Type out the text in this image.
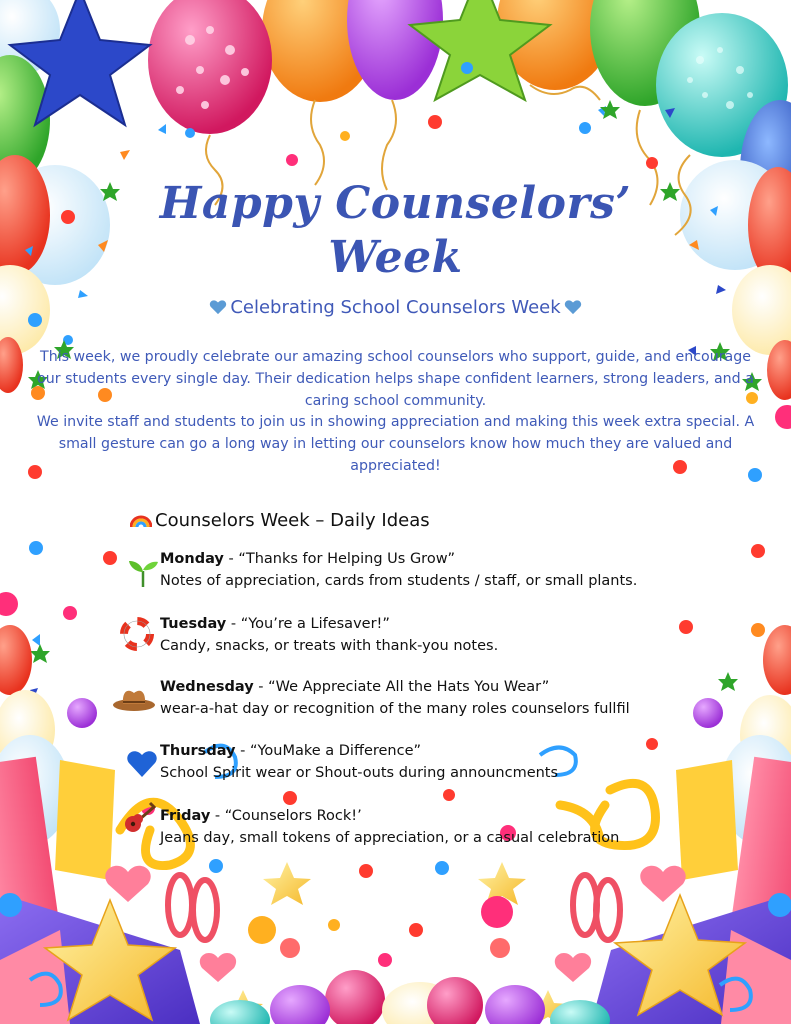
Happy Counselors’
Week
Celebrating School Counselors Week

This week, we proudly celebrate our amazing school counselors who support, guide, and encourage our students every single day. Their dedication helps shape confident learners, strong leaders, and a caring school community.
We invite staff and students to join us in showing appreciation and making this week extra special. A small gesture can go a long way in letting our counselors know how much they are valued and appreciated!

Counselors Week – Daily Ideas
Monday - “Thanks for Helping Us Grow”
Notes of appreciation, cards from students / staff, or small plants.
Tuesday - “You’re a Lifesaver!”
Candy, snacks, or treats with thank-you notes.
Wednesday - “We Appreciate All the Hats You Wear”
wear-a-hat day or recognition of the many roles counselors fullfil
Thursday - “YouMake a Difference”
School Spirit wear or Shout-outs during announcments
Friday - “Counselors Rock!’
Jeans day, small tokens of appreciation, or a casual celebration
